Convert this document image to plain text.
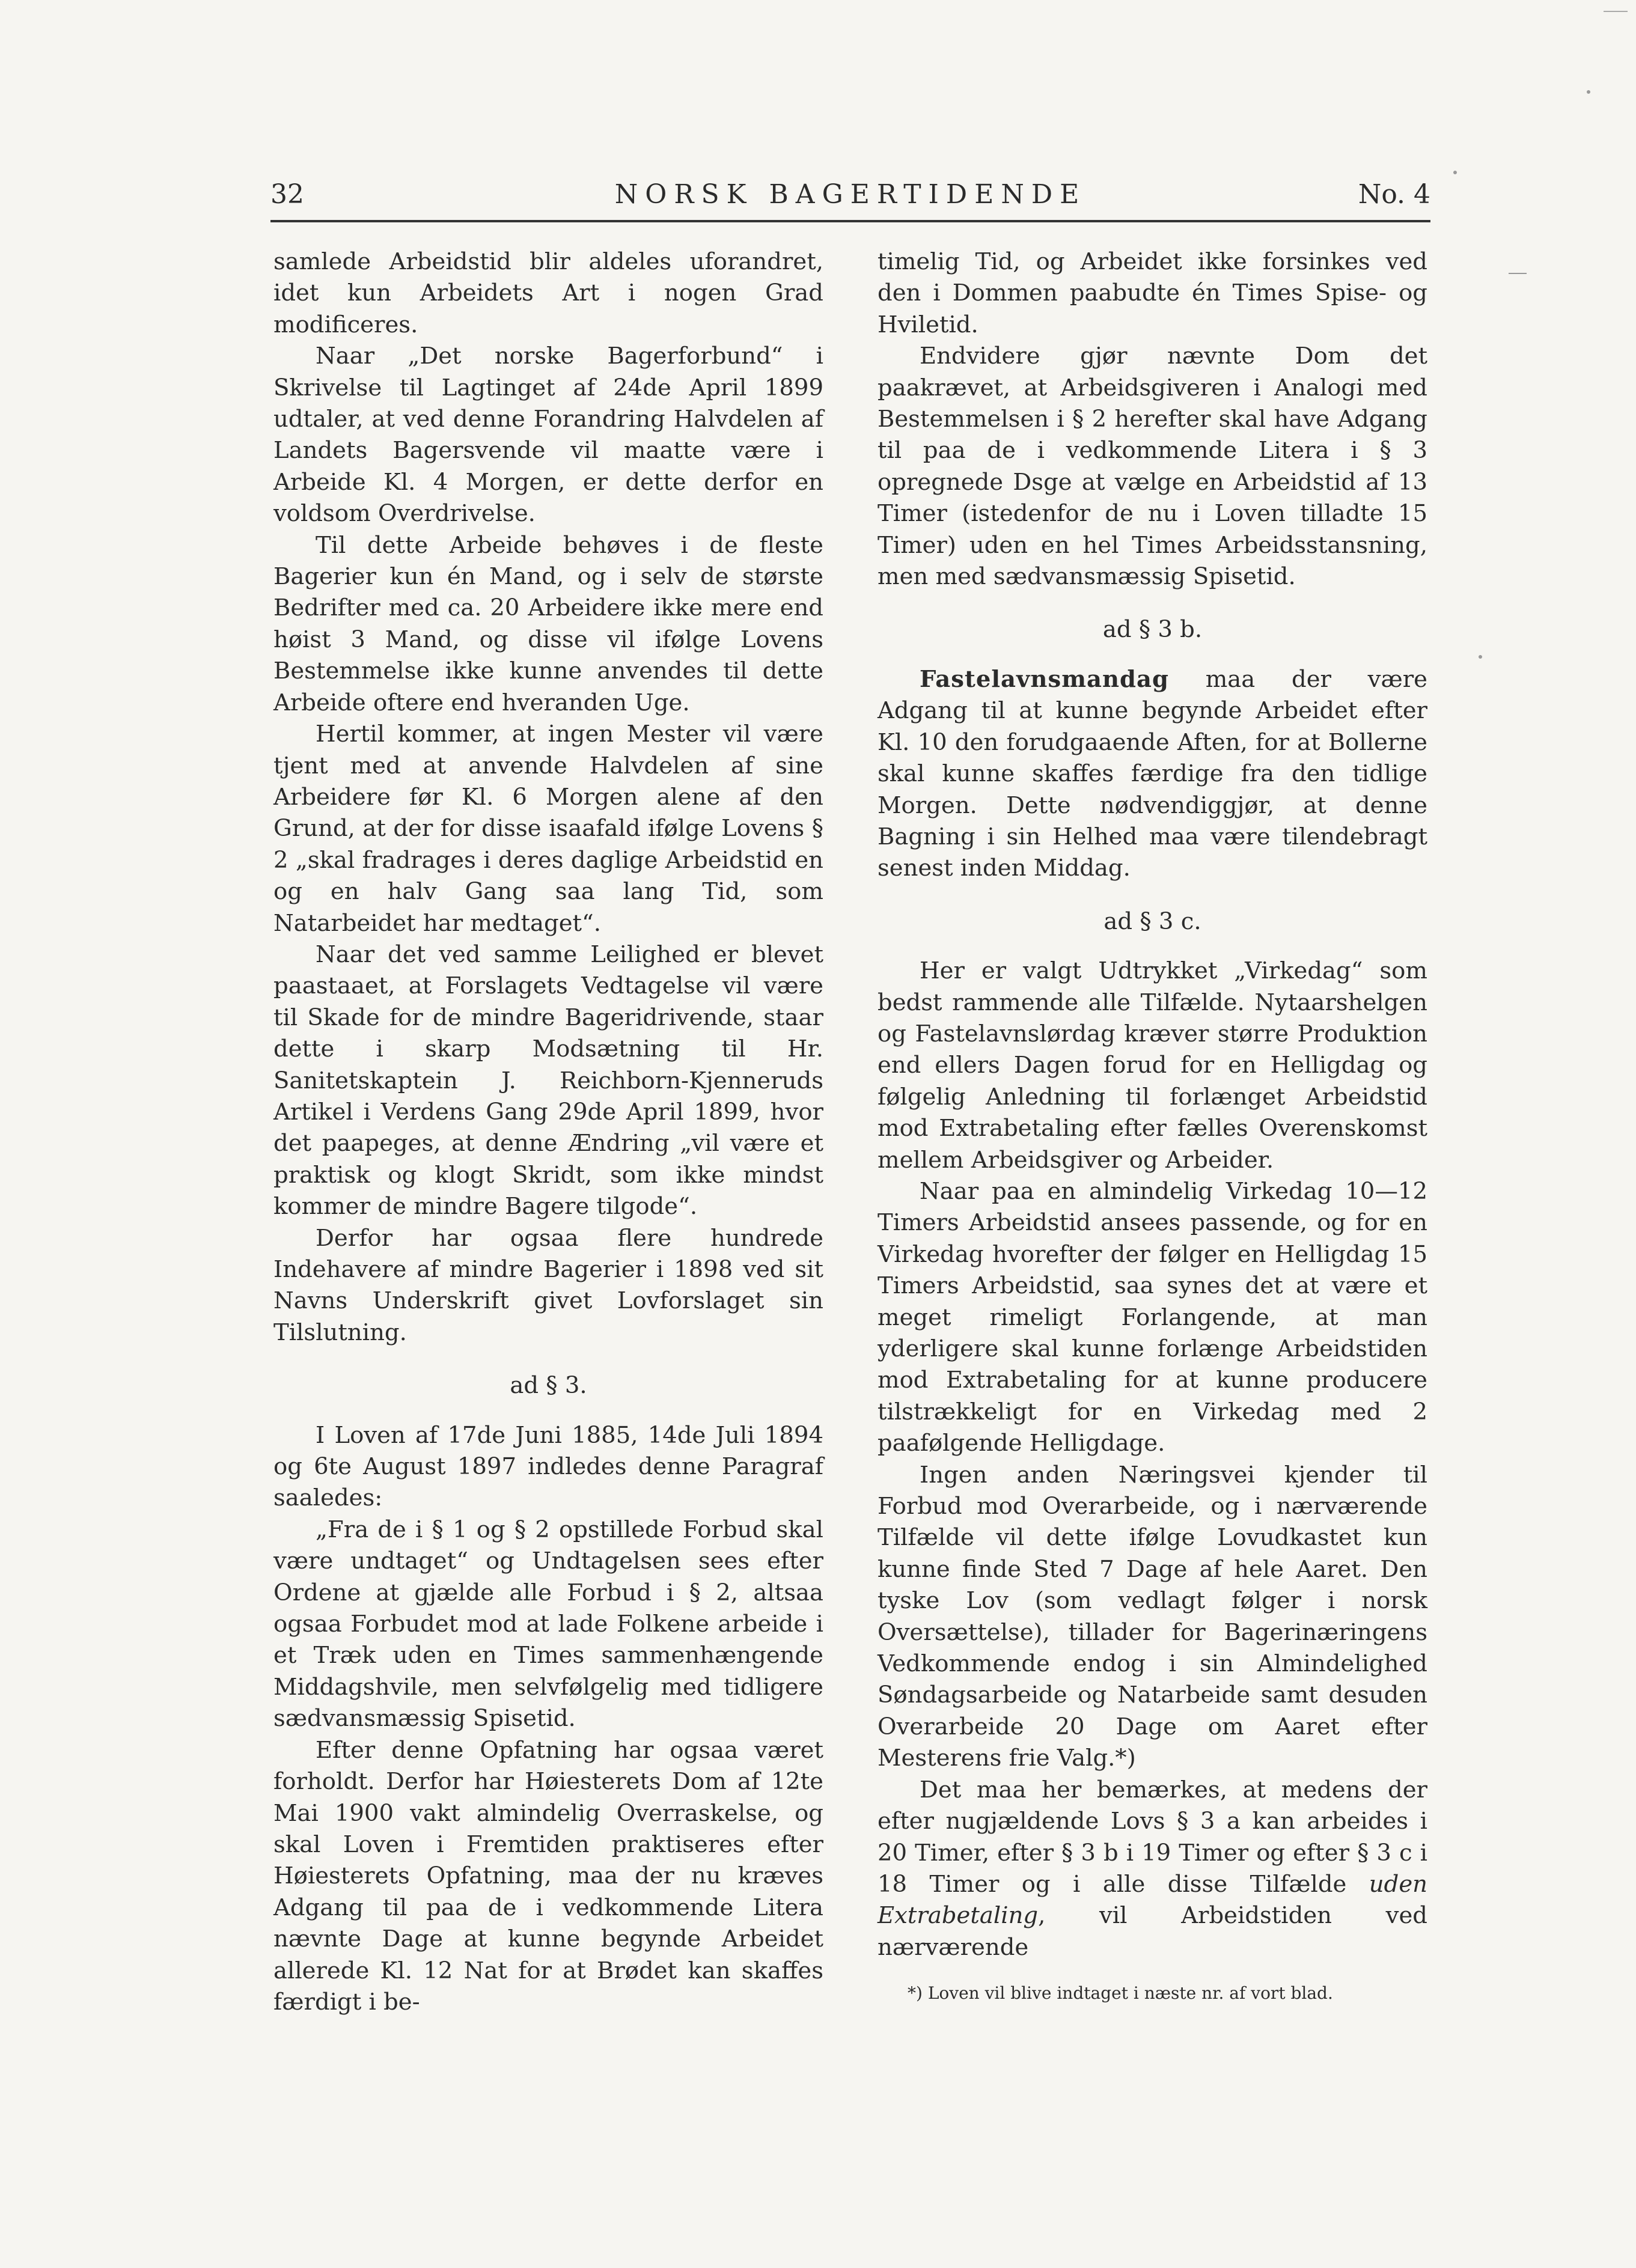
32	NORSK BAGERTIDENDE	No. 4

samlede Arbeidstid blir aldeles uforandret, idet kun Arbeidets Art i nogen Grad modificeres.

Naar „Det norske Bagerforbund“ i Skrivelse til Lagtinget af 24de April 1899 udtaler, at ved denne Forandring Halvdelen af Landets Bagersvende vil maatte være i Arbeide Kl. 4 Morgen, er dette derfor en voldsom Overdrivelse.

Til dette Arbeide behøves i de fleste Bagerier kun én Mand, og i selv de største Bedrifter med ca. 20 Arbeidere ikke mere end høist 3 Mand, og disse vil ifølge Lovens Bestemmelse ikke kunne anvendes til dette Arbeide oftere end hveranden Uge.

Hertil kommer, at ingen Mester vil være tjent med at anvende Halvdelen af sine Arbeidere før Kl. 6 Morgen alene af den Grund, at der for disse isaafald ifølge Lovens § 2 „skal fradrages i deres daglige Arbeidstid en og en halv Gang saa lang Tid, som Natarbeidet har medtaget“.

Naar det ved samme Leilighed er blevet paastaaet, at Forslagets Vedtagelse vil være til Skade for de mindre Bageridrivende, staar dette i skarp Modsætning til Hr. Sanitetskaptein J. Reichborn-Kjenneruds Artikel i Verdens Gang 29de April 1899, hvor det paapeges, at denne Ændring „vil være et praktisk og klogt Skridt, som ikke mindst kommer de mindre Bagere tilgode“.

Derfor har ogsaa flere hundrede Indehavere af mindre Bagerier i 1898 ved sit Navns Underskrift givet Lovforslaget sin Tilslutning.

ad § 3.

I Loven af 17de Juni 1885, 14de Juli 1894 og 6te August 1897 indledes denne Paragraf saaledes:

„Fra de i § 1 og § 2 opstillede Forbud skal være undtaget“ og Undtagelsen sees efter Ordene at gjælde alle Forbud i § 2, altsaa ogsaa Forbudet mod at lade Folkene arbeide i et Træk uden en Times sammenhængende Middagshvile, men selvfølgelig med tidligere sædvansmæssig Spisetid.

Efter denne Opfatning har ogsaa været forholdt. Derfor har Høiesterets Dom af 12te Mai 1900 vakt almindelig Overraskelse, og skal Loven i Fremtiden praktiseres efter Høiesterets Opfatning, maa der nu kræves Adgang til paa de i vedkommende Litera nævnte Dage at kunne begynde Arbeidet allerede Kl. 12 Nat for at Brødet kan skaffes færdigt i be-

timelig Tid, og Arbeidet ikke forsinkes ved den i Dommen paabudte én Times Spise- og Hviletid.

Endvidere gjør nævnte Dom det paakrævet, at Arbeidsgiveren i Analogi med Bestemmelsen i § 2 herefter skal have Adgang til paa de i vedkommende Litera i § 3 opregnede Dsge at vælge en Arbeidstid af 13 Timer (istedenfor de nu i Loven tilladte 15 Timer) uden en hel Times Arbeidsstansning, men med sædvansmæssig Spisetid.

ad § 3 b.

Fastelavnsmandag maa der være Adgang til at kunne begynde Arbeidet efter Kl. 10 den forudgaaende Aften, for at Bollerne skal kunne skaffes færdige fra den tidlige Morgen. Dette nødvendiggjør, at denne Bagning i sin Helhed maa være tilendebragt senest inden Middag.

ad § 3 c.

Her er valgt Udtrykket „Virkedag“ som bedst rammende alle Tilfælde. Nytaarshelgen og Fastelavnslørdag kræver større Produktion end ellers Dagen forud for en Helligdag og følgelig Anledning til forlænget Arbeidstid mod Extrabetaling efter fælles Overenskomst mellem Arbeidsgiver og Arbeider.

Naar paa en almindelig Virkedag 10—12 Timers Arbeidstid ansees passende, og for en Virkedag hvorefter der følger en Helligdag 15 Timers Arbeidstid, saa synes det at være et meget rimeligt Forlangende, at man yderligere skal kunne forlænge Arbeidstiden mod Extrabetaling for at kunne producere tilstrækkeligt for en Virkedag med 2 paafølgende Helligdage.

Ingen anden Næringsvei kjender til Forbud mod Overarbeide, og i nærværende Tilfælde vil dette ifølge Lovudkastet kun kunne finde Sted 7 Dage af hele Aaret. Den tyske Lov (som vedlagt følger i norsk Oversættelse), tillader for Bagerinæringens Vedkommende endog i sin Almindelighed Søndagsarbeide og Natarbeide samt desuden Overarbeide 20 Dage om Aaret efter Mesterens frie Valg.*)

Det maa her bemærkes, at medens der efter nugjældende Lovs § 3 a kan arbeides i 20 Timer, efter § 3 b i 19 Timer og efter § 3 c i 18 Timer og i alle disse Tilfælde uden Extrabetaling, vil Arbeidstiden ved nærværende

*) Loven vil blive indtaget i næste nr. af vort blad.
